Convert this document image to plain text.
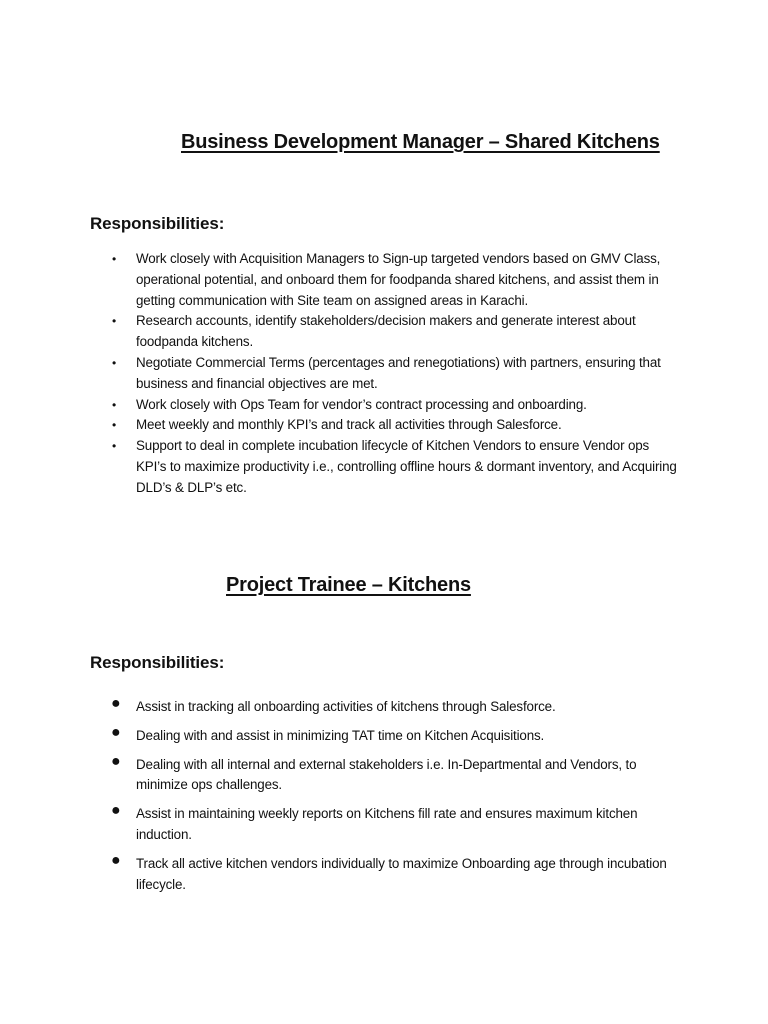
Business Development Manager – Shared Kitchens
Responsibilities:
• Work closely with Acquisition Managers to Sign-up targeted vendors based on GMV Class, operational potential, and onboard them for foodpanda shared kitchens, and assist them in getting communication with Site team on assigned areas in Karachi.
• Research accounts, identify stakeholders/decision makers and generate interest about foodpanda kitchens.
• Negotiate Commercial Terms (percentages and renegotiations) with partners, ensuring that business and financial objectives are met.
• Work closely with Ops Team for vendor’s contract processing and onboarding.
• Meet weekly and monthly KPI’s and track all activities through Salesforce.
• Support to deal in complete incubation lifecycle of Kitchen Vendors to ensure Vendor ops KPI’s to maximize productivity i.e., controlling offline hours & dormant inventory, and Acquiring DLD’s & DLP’s etc.
Project Trainee – Kitchens
Responsibilities:
● Assist in tracking all onboarding activities of kitchens through Salesforce.
● Dealing with and assist in minimizing TAT time on Kitchen Acquisitions.
● Dealing with all internal and external stakeholders i.e. In-Departmental and Vendors, to minimize ops challenges.
● Assist in maintaining weekly reports on Kitchens fill rate and ensures maximum kitchen induction.
● Track all active kitchen vendors individually to maximize Onboarding age through incubation lifecycle.
